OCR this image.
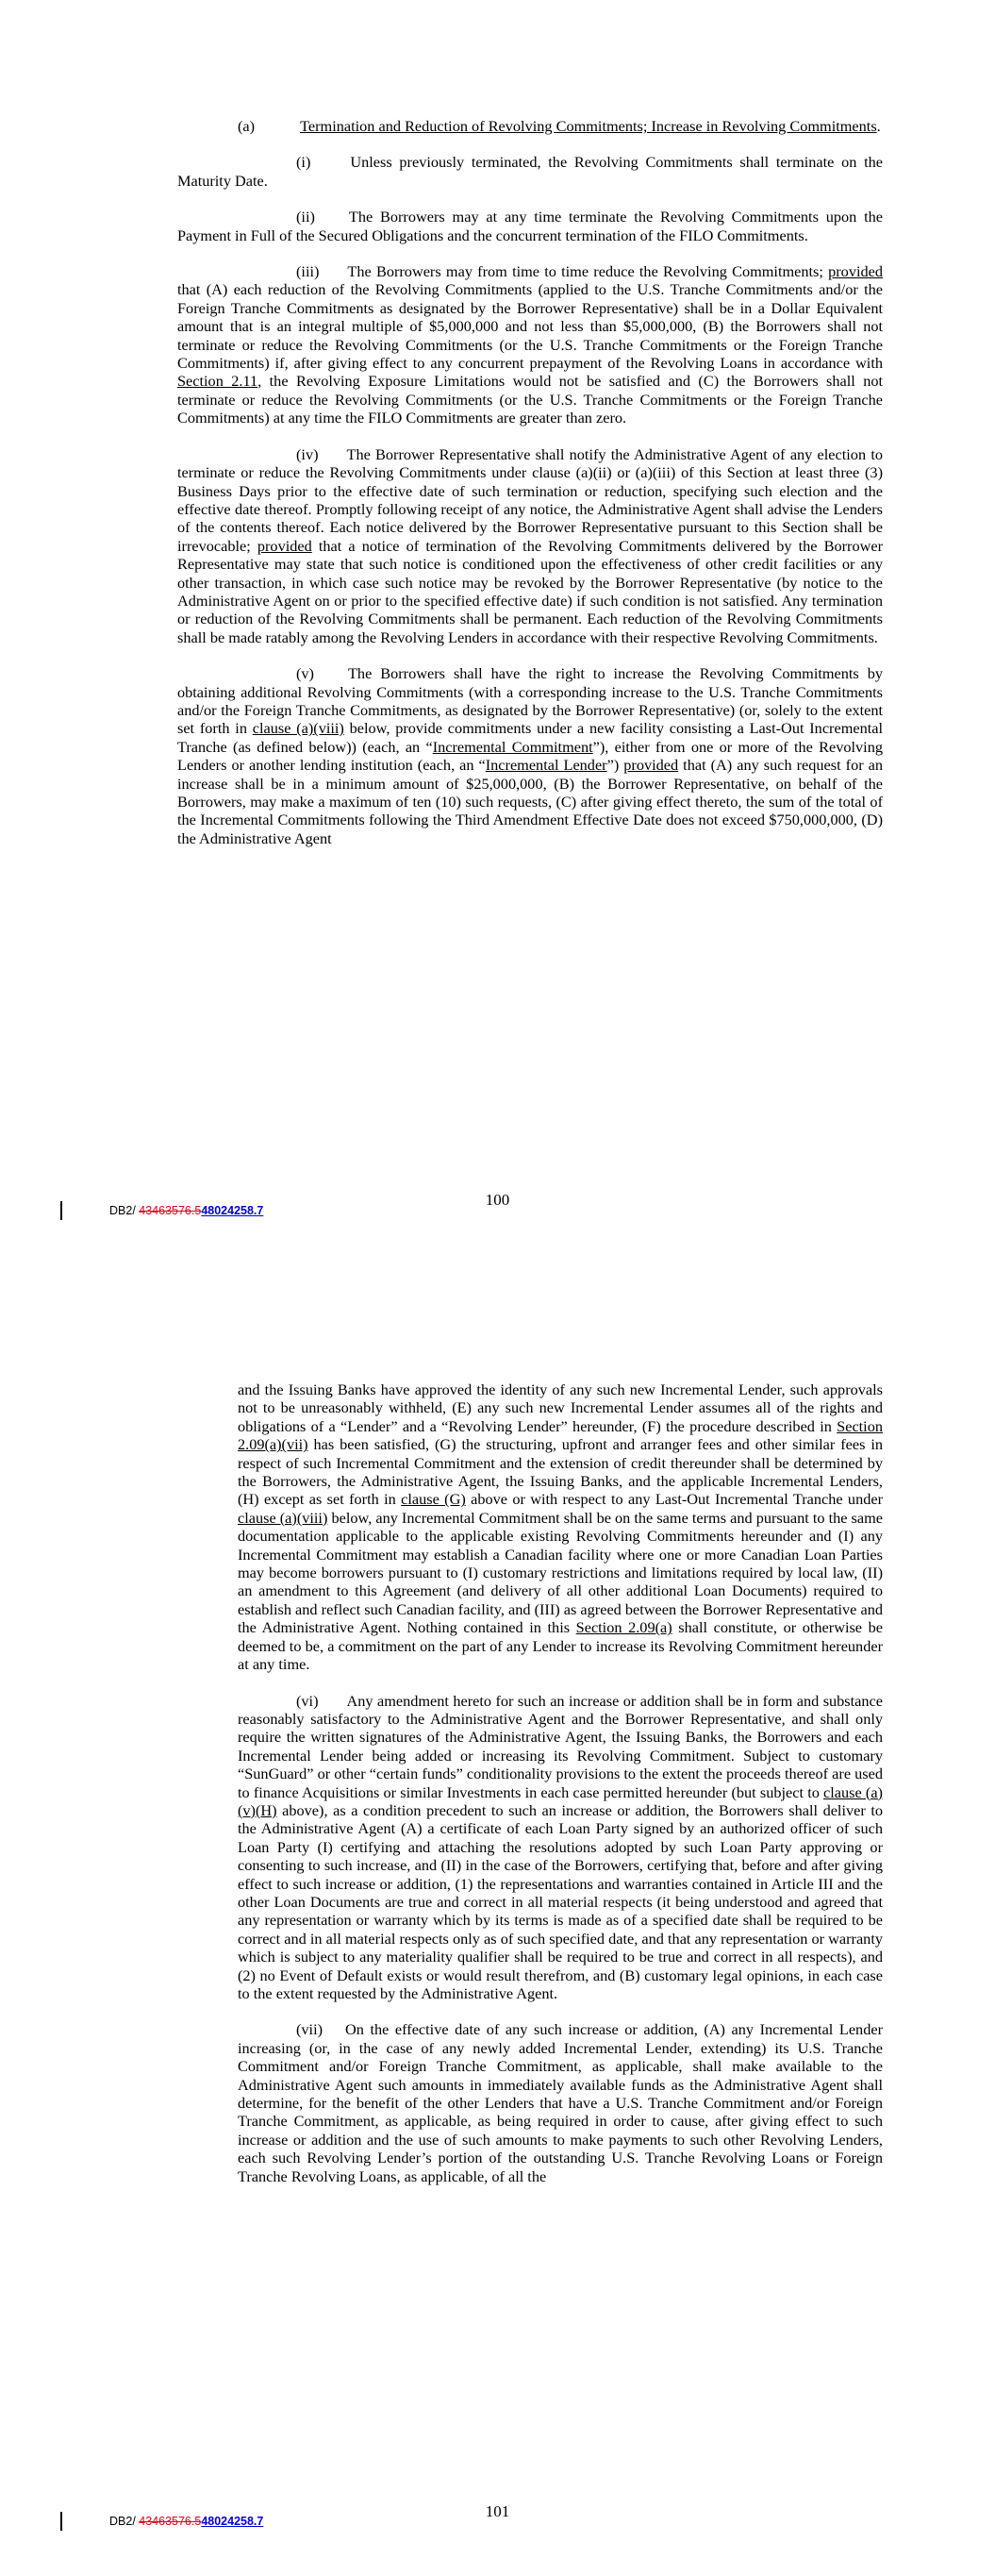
(a)	Termination and Reduction of Revolving Commitments; Increase in Revolving Commitments.

(i)	Unless previously terminated, the Revolving Commitments shall terminate on the Maturity Date.

(ii) The Borrowers may at any time terminate the Revolving Commitments upon the Payment in Full of the Secured Obligations and the concurrent termination of the FILO Commitments.

(iii) The Borrowers may from time to time reduce the Revolving Commitments; provided that (A) each reduction of the Revolving Commitments (applied to the U.S. Tranche Commitments and/or the Foreign Tranche Commitments as designated by the Borrower Representative) shall be in a Dollar Equivalent amount that is an integral multiple of $5,000,000 and not less than $5,000,000, (B) the Borrowers shall not terminate or reduce the Revolving Commitments (or the U.S. Tranche Commitments or the Foreign Tranche Commitments) if, after giving effect to any concurrent prepayment of the Revolving Loans in accordance with Section 2.11, the Revolving Exposure Limitations would not be satisfied and (C) the Borrowers shall not terminate or reduce the Revolving Commitments (or the U.S. Tranche Commitments or the Foreign Tranche Commitments) at any time the FILO Commitments are greater than zero.

(iv) The Borrower Representative shall notify the Administrative Agent of any election to terminate or reduce the Revolving Commitments under clause (a)(ii) or (a)(iii) of this Section at least three (3) Business Days prior to the effective date of such termination or reduction, specifying such election and the effective date thereof. Promptly following receipt of any notice, the Administrative Agent shall advise the Lenders of the contents thereof. Each notice delivered by the Borrower Representative pursuant to this Section shall be irrevocable; provided that a notice of termination of the Revolving Commitments delivered by the Borrower Representative may state that such notice is conditioned upon the effectiveness of other credit facilities or any other transaction, in which case such notice may be revoked by the Borrower Representative (by notice to the Administrative Agent on or prior to the specified effective date) if such condition is not satisfied. Any termination or reduction of the Revolving Commitments shall be permanent. Each reduction of the Revolving Commitments shall be made ratably among the Revolving Lenders in accordance with their respective Revolving Commitments.

(v) The Borrowers shall have the right to increase the Revolving Commitments by obtaining additional Revolving Commitments (with a corresponding increase to the U.S. Tranche Commitments and/or the Foreign Tranche Commitments, as designated by the Borrower Representative) (or, solely to the extent set forth in clause (a)(viii) below, provide commitments under a new facility consisting a Last-Out Incremental Tranche (as defined below)) (each, an “Incremental Commitment”), either from one or more of the Revolving Lenders or another lending institution (each, an “Incremental Lender”) provided that (A) any such request for an increase shall be in a minimum amount of $25,000,000, (B) the Borrower Representative, on behalf of the Borrowers, may make a maximum of ten (10) such requests, (C) after giving effect thereto, the sum of the total of the Incremental Commitments following the Third Amendment Effective Date does not exceed $750,000,000, (D) the Administrative Agent

100
DB2/ 43463576.548024258.7

and the Issuing Banks have approved the identity of any such new Incremental Lender, such approvals not to be unreasonably withheld, (E) any such new Incremental Lender assumes all of the rights and obligations of a “Lender” and a “Revolving Lender” hereunder, (F) the procedure described in Section 2.09(a)(vii) has been satisfied, (G) the structuring, upfront and arranger fees and other similar fees in respect of such Incremental Commitment and the extension of credit thereunder shall be determined by the Borrowers, the Administrative Agent, the Issuing Banks, and the applicable Incremental Lenders, (H) except as set forth in clause (G) above or with respect to any Last-Out Incremental Tranche under clause (a)(viii) below, any Incremental Commitment shall be on the same terms and pursuant to the same documentation applicable to the applicable existing Revolving Commitments hereunder and (I) any Incremental Commitment may establish a Canadian facility where one or more Canadian Loan Parties may become borrowers pursuant to (I) customary restrictions and limitations required by local law, (II) an amendment to this Agreement (and delivery of all other additional Loan Documents) required to establish and reflect such Canadian facility, and (III) as agreed between the Borrower Representative and the Administrative Agent. Nothing contained in this Section 2.09(a) shall constitute, or otherwise be deemed to be, a commitment on the part of any Lender to increase its Revolving Commitment hereunder at any time.

(vi) Any amendment hereto for such an increase or addition shall be in form and substance reasonably satisfactory to the Administrative Agent and the Borrower Representative, and shall only require the written signatures of the Administrative Agent, the Issuing Banks, the Borrowers and each Incremental Lender being added or increasing its Revolving Commitment. Subject to customary “SunGuard” or other “certain funds” conditionality provisions to the extent the proceeds thereof are used to finance Acquisitions or similar Investments in each case permitted hereunder (but subject to clause (a)(v)(H) above), as a condition precedent to such an increase or addition, the Borrowers shall deliver to the Administrative Agent (A) a certificate of each Loan Party signed by an authorized officer of such Loan Party (I) certifying and attaching the resolutions adopted by such Loan Party approving or consenting to such increase, and (II) in the case of the Borrowers, certifying that, before and after giving effect to such increase or addition, (1) the representations and warranties contained in Article III and the other Loan Documents are true and correct in all material respects (it being understood and agreed that any representation or warranty which by its terms is made as of a specified date shall be required to be correct and in all material respects only as of such specified date, and that any representation or warranty which is subject to any materiality qualifier shall be required to be true and correct in all respects), and (2) no Event of Default exists or would result therefrom, and (B) customary legal opinions, in each case to the extent requested by the Administrative Agent.

(vii) On the effective date of any such increase or addition, (A) any Incremental Lender increasing (or, in the case of any newly added Incremental Lender, extending) its U.S. Tranche Commitment and/or Foreign Tranche Commitment, as applicable, shall make available to the Administrative Agent such amounts in immediately available funds as the Administrative Agent shall determine, for the benefit of the other Lenders that have a U.S. Tranche Commitment and/or Foreign Tranche Commitment, as applicable, as being required in order to cause, after giving effect to such increase or addition and the use of such amounts to make payments to such other Revolving Lenders, each such Revolving Lender’s portion of the outstanding U.S. Tranche Revolving Loans or Foreign Tranche Revolving Loans, as applicable, of all the

101
DB2/ 43463576.548024258.7
